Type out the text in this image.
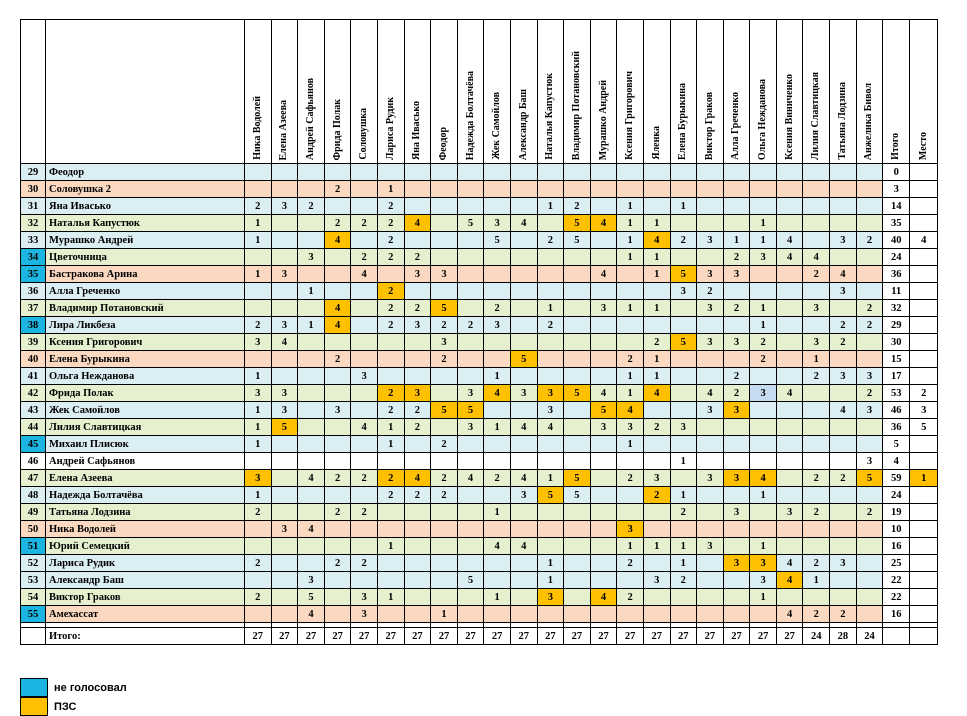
		Ника Водолей	Елена Азеева	Андрей Сафьянов	Фрида Полак	Соловушка	Лариса Рудик	Яна Ивасько	Феодор	Надежда Болтачёва	Жек Самойлов	Александр Баш	Наталья Капустюк	Владимир Потановский	Мурашко Андрей	Ксения Григорович	Яленка	Елена Бурыкина	Виктор Граков	Алла Греченко	Ольга Неждановa	Ксения Виниченко	Лилия Славтицкая	Татьяна Лодзина	Анжелика Бивол	Итого	Место
29	Феодор																									0	
30	Соловушка 2				2		1																			3	
31	Яна Ивасько	2	3	2			2						1	2		1		1								14	
32	Наталья Капустюк	1			2	2	2	4		5	3	4		5	4	1	1				1					35	
33	Мурашко Андрей	1			4		2				5		2	5		1	4	2	3	1	1	4		3	2	40	4
34	Цветочница			3		2	2	2								1	1			2	3	4	4			24	
35	Бастракова Арина	1	3			4		3	3						4		1	5	3	3			2	4		36	
36	Алла Греченко			1			2											3	2					3		11	
37	Владимир Потановский				4		2	2	5		2		1		3	1	1		3	2	1		3		2	32	
38	Лира Ликбеза	2	3	1	4		2	3	2	2	3		2								1			2	2	29	
39	Ксения Григорович	3	4						3								2	5	3	3	2		3	2		30	
40	Елена Бурыкина				2				2			5				2	1				2		1			15	
41	Ольга Неждановa	1				3					1					1	1			2			2	3	3	17	
42	Фрида Полак	3	3				2	3		3	4	3	3	5	4	1	4		4	2	3	4			2	53	2
43	Жек Самойлов	1	3		3		2	2	5	5			3		5	4			3	3				4	3	46	3
44	Лилия Славтицкая	1	5			4	1	2		3	1	4	4		3	3	2	3								36	5
45	Михаил Плисюк	1					1		2							1										5	
46	Андрей Сафьянов																	1							3	4	
47	Елена Азеева	3		4	2	2	2	4	2	4	2	4	1	5		2	3		3	3	4		2	2	5	59	1
48	Надежда Болтачёва	1					2	2	2			3	5	5			2	1			1					24	
49	Татьяна Лодзина	2			2	2					1							2		3		3	2		2	19	
50	Ника Водолей		3	4												3										10	
51	Юрий Семецкий						1				4	4				1	1	1	3		1					16	
52	Лариса Рудик	2			2	2							1			2		1		3	3	4	2	3		25	
53	Александр Баш			3						5			1				3	2			3	4	1			22	
54	Виктор Граков	2		5		3	1				1		3		4	2					1					22	
55	Амехассат			4		3			1													4	2	2		16	

	Итого:	27	27	27	27	27	27	27	27	27	27	27	27	27	27	27	27	27	27	27	27	27	24	28	24		
не голосовал
ПЗС
